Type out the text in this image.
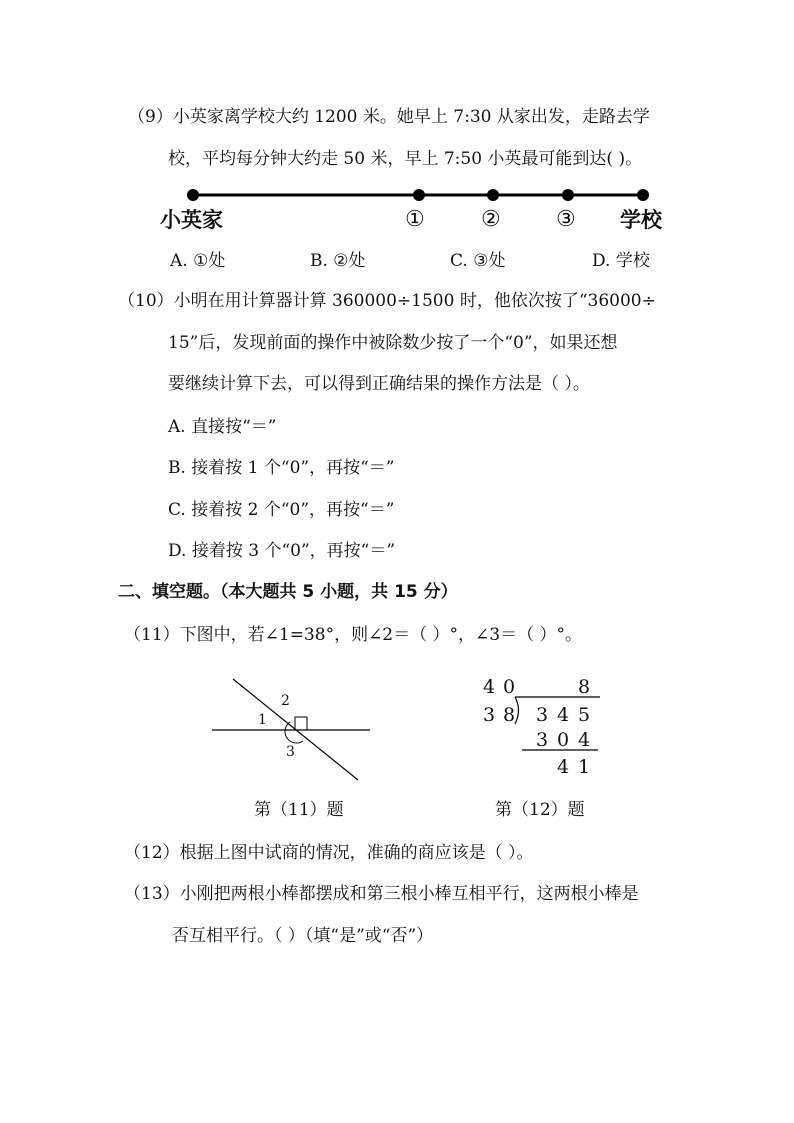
（9）小英家离学校大约 1200 米。她早上 7:30 从家出发，走路去学
校，平均每分钟大约走 50 米，早上 7:50 小英最可能到达( )。
小英家	①	②	③ 学校
A. ①处	B. ②处	C. ③处	D. 学校
（10）小明在用计算器计算 360000÷1500 时，他依次按了“36000÷
15”后，发现前面的操作中被除数少按了一个“0”，如果还想
要继续计算下去，可以得到正确结果的操作方法是（ ）。
A. 直接按“＝”
B. 接着按 1 个“0”，再按“＝”
C. 接着按 2 个“0”，再按“＝”
D. 接着按 3 个“0”，再按“＝”
二、填空题。（本大题共 5 小题，共 15 分）
（11）下图中，若∠1=38°，则∠2＝（ ）°，∠3＝（ ）°。
2
1
3
第（11）题
4 0	8
3 8 3 4 5
3 0 4
4 1
第（12）题
（12）根据上图中试商的情况，准确的商应该是（ ）。
（13）小刚把两根小棒都摆成和第三根小棒互相平行，这两根小棒是
否互相平行。（ ）（填“是”或“否”）
